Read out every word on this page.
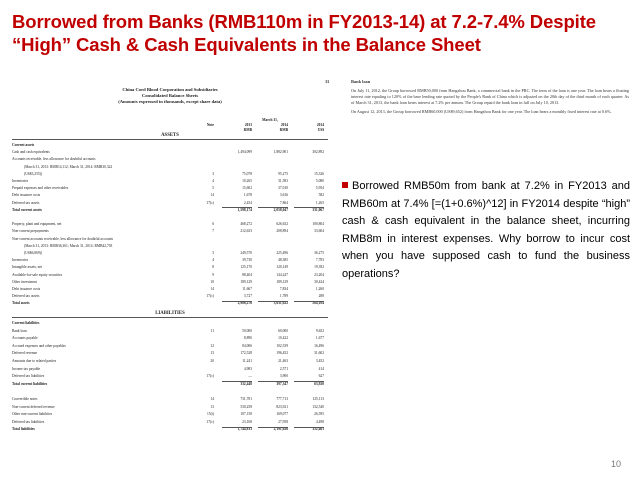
Borrowed from Banks (RMB110m in FY2013-14) at 7.2-7.4% Despite “High” Cash & Cash Equivalents in the Balance Sheet
China Cord Blood Corporation and Subsidiaries
Consolidated Balance Sheets
(Amounts expressed in thousands, except share data)
Note
March 31,
2013	2014	2014
RMB	RMB	US$
ASSETS
Current assets
Cash and cash equivalents	1,494,099	1,882,901	302,892
Accounts receivable, less allowance for doubtful accounts
(March 31, 2013: RMB14,112; March 31, 2014: RMB30,322
(US$3,255))	3	75,078	95,275	15,326
Inventories	4	10,265	31,583	5,080
Prepaid expenses and other receivables	5	15,602	37,010	5,954
Debt issuance costs	14	1,678	3,616	582
Deferred tax assets	17(c)	2,454	7,864	1,265
Total current assets	1,598,174	2,058,047	331,067
Property, plant and equipment, net	6	468,272	626,632	100,804
Non-current prepayments	7	212,633	208,894	33,604
Non-current accounts receivable, less allowance for doubtful accounts
(March 31, 2013: RMB36,361; March 31, 2014: RMB42,703
(US$6,869))	3	249,570	225,496	36,275
Inventories	4	39,730	48,385	7,783
Intangible assets, net	8	125,170	120,149	19,392
Available-for-sale equity securities	9	88,404	144,247	23,204
Other investment	10	189,129	189,129	30,424
Debt issuance costs	14	11,667	7,834	1,260
Deferred tax assets	17(c)	3,727	1,789	288
Total assets	2,986,276	3,631,022	584,104
LIABILITIES
Current liabilities
Bank loan	11	50,000	60,000	9,652
Accounts payable	8,890	10,422	1,677
Accrued expenses and other payables	12	84,006	102,539	16,496
Deferred revenue	13	172,528	196,452	31,602
Amounts due to related parties	20	11,241	21,463	3,452
Income tax payable	4,983	2,571	414
Deferred tax liabilities	17(c)	—	3,900	627
Total current liabilities	332,448	397,347	63,920
Convertible notes	14	731,781	777,713	125,113
Non-current deferred revenue	13	530,258	823,921	132,540
Other non-current liabilities	15(i)	107,158	169,077	26,595
Deferred tax liabilities	17(c)	23,168	27,958	4,498
Total liabilities	1,744,813	2,191,026	352,461
11	Bank loan

On July 11, 2012, the Group borrowed RMB50,000 from Hangzhou Bank, a commercial bank in the PRC. The term of the loan is one year. The loan bears a floating interest rate equaling to 120% of the base lending rate quoted by the People's Bank of China which is adjusted on the 20th day of the third month of each quarter. As of March 31, 2013, the bank loan bears interest at 7.2% per annum. The Group repaid the bank loan in full on July 10, 2013.

On August 12, 2013, the Group borrowed RMB60,000 (US$9,652) from Hangzhou Bank for one year. The loan bears a monthly fixed interest rate at 0.6%.

Borrowed RMB50m from bank at 7.2% in FY2013 and RMB60m at 7.4% [=(1+0.6%)^12] in FY2014 despite “high” cash & cash equivalent in the balance sheet, incurring RMB8m in interest expenses. Why borrow to incur cost when you have supposed cash to fund the business operations?
10
